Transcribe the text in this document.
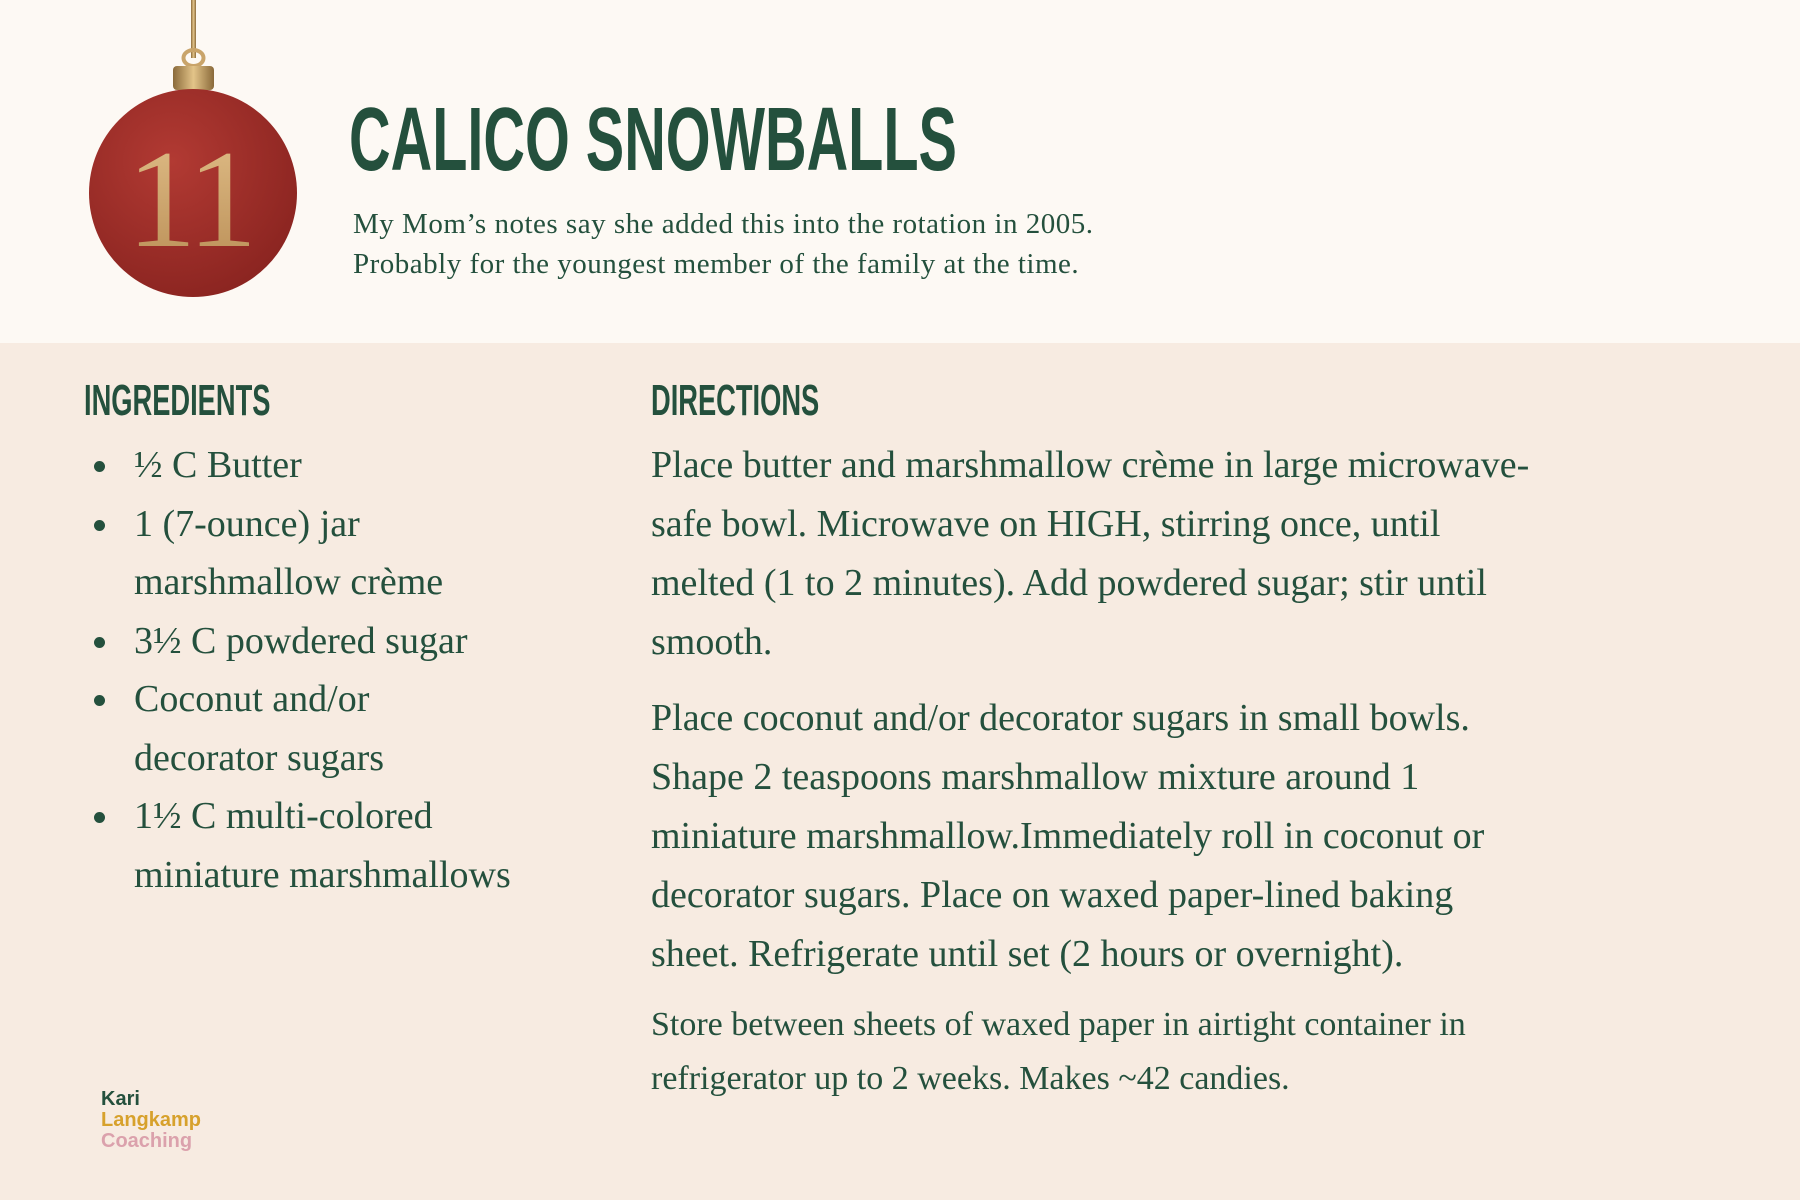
11 CALICO SNOWBALLS

My Mom’s notes say she added this into the rotation in 2005.
Probably for the youngest member of the family at the time.

INGREDIENTS
½ C Butter
1 (7-ounce) jar
marshmallow crème
3½ C powdered sugar
Coconut and/or
decorator sugars
1½ C multi-colored
miniature marshmallows
DIRECTIONS

Place butter and marshmallow crème in large microwave-
safe bowl. Microwave on HIGH, stirring once, until
melted (1 to 2 minutes). Add powdered sugar; stir until
smooth.

Place coconut and/or decorator sugars in small bowls.
Shape 2 teaspoons marshmallow mixture around 1
miniature marshmallow.Immediately roll in coconut or
decorator sugars. Place on waxed paper-lined baking
sheet. Refrigerate until set (2 hours or overnight).

Store between sheets of waxed paper in airtight container in
refrigerator up to 2 weeks. Makes ~42 candies.

Kari
Langkamp
Coaching
